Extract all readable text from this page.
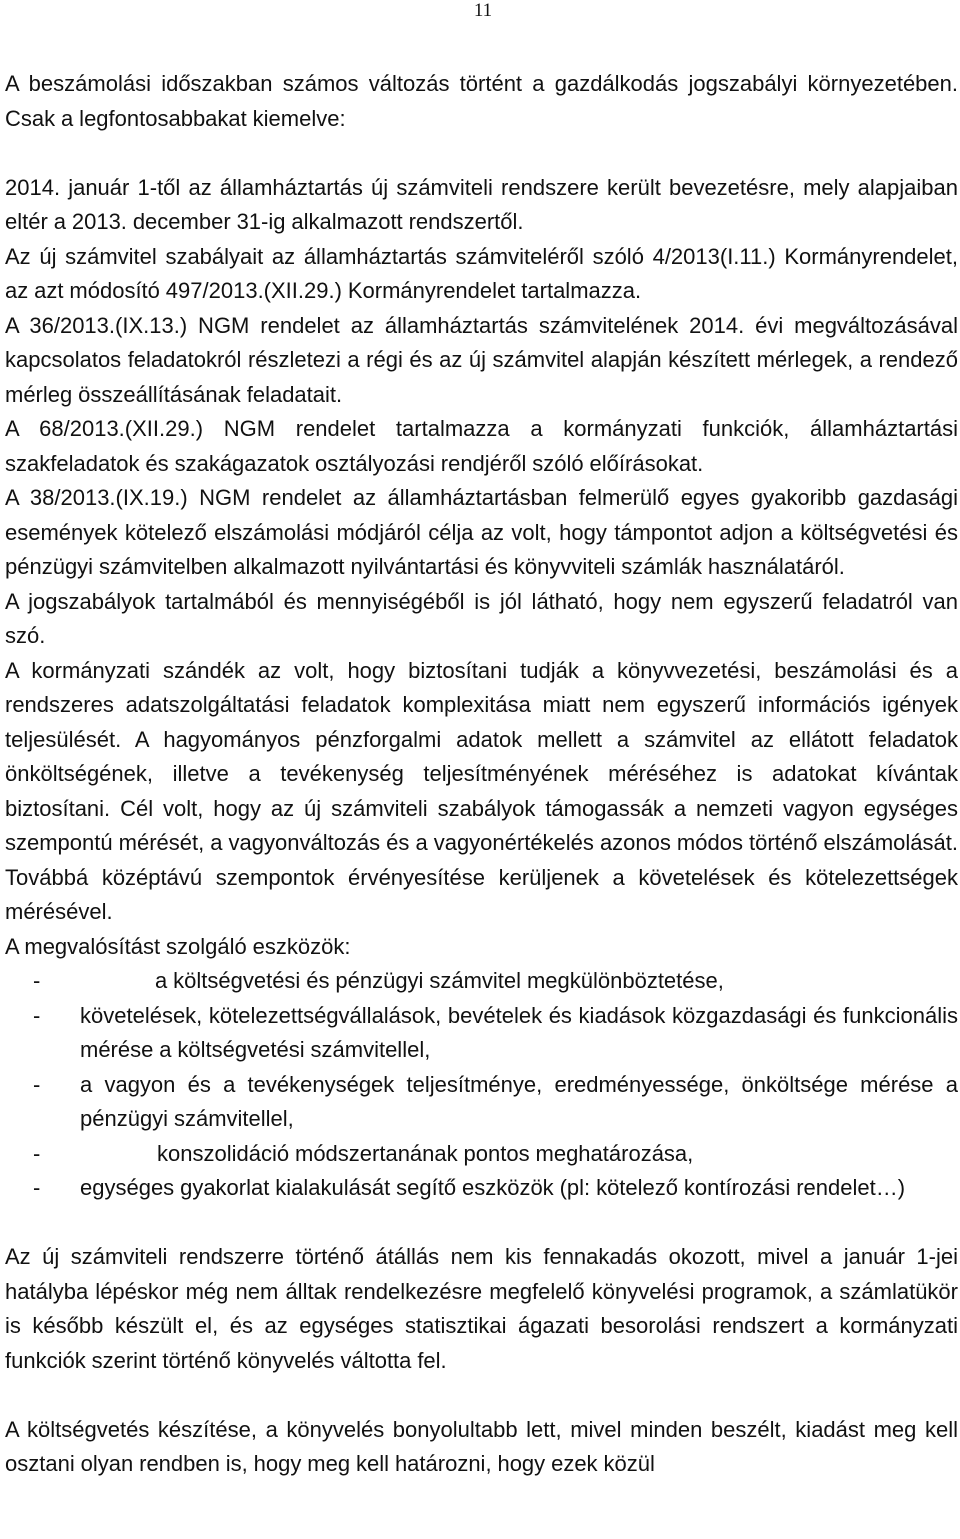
11

A beszámolási időszakban számos változás történt a gazdálkodás jogszabályi környezetében. Csak a legfontosabbakat kiemelve:

2014. január 1-től az államháztartás új számviteli rendszere került bevezetésre, mely alapjaiban eltér a 2013. december 31-ig alkalmazott rendszertől.

Az új számvitel szabályait az államháztartás számviteléről szóló 4/2013(I.11.) Kormányrendelet, az azt módosító 497/2013.(XII.29.) Kormányrendelet tartalmazza.

A 36/2013.(IX.13.) NGM rendelet az államháztartás számvitelének 2014. évi megváltozásával kapcsolatos feladatokról részletezi a régi és az új számvitel alapján készített mérlegek, a rendező mérleg összeállításának feladatait.

A 68/2013.(XII.29.) NGM rendelet tartalmazza a kormányzati funkciók, államháztartási szakfeladatok és szakágazatok osztályozási rendjéről szóló előírásokat.

A 38/2013.(IX.19.) NGM rendelet az államháztartásban felmerülő egyes gyakoribb gazdasági események kötelező elszámolási módjáról célja az volt, hogy támpontot adjon a költségvetési és pénzügyi számvitelben alkalmazott nyilvántartási és könyvviteli számlák használatáról.

A jogszabályok tartalmából és mennyiségéből is jól látható, hogy nem egyszerű feladatról van szó.

A kormányzati szándék az volt, hogy biztosítani tudják a könyvvezetési, beszámolási és a rendszeres adatszolgáltatási feladatok komplexitása miatt nem egyszerű információs igények teljesülését. A hagyományos pénzforgalmi adatok mellett a számvitel az ellátott feladatok önköltségének, illetve a tevékenység teljesítményének méréséhez is adatokat kívántak biztosítani. Cél volt, hogy az új számviteli szabályok támogassák a nemzeti vagyon egységes szempontú mérését, a vagyonváltozás és a vagyonértékelés azonos módos történő elszámolását. Továbbá középtávú szempontok érvényesítése kerüljenek a követelések és kötelezettségek mérésével.

A megvalósítást szolgáló eszközök:

-	a költségvetési és pénzügyi számvitel megkülönböztetése,
- követelések, kötelezettségvállalások, bevételek és kiadások közgazdasági és funkcionális mérése a költségvetési számvitellel,
- a vagyon és a tevékenységek teljesítménye, eredményessége, önköltsége mérése a pénzügyi számvitellel,
-	konszolidáció módszertanának pontos meghatározása,
- egységes gyakorlat kialakulását segítő eszközök (pl: kötelező kontírozási rendelet…)

Az új számviteli rendszerre történő átállás nem kis fennakadás okozott, mivel a január 1-jei hatályba lépéskor még nem álltak rendelkezésre megfelelő könyvelési programok, a számlatükör is később készült el, és az egységes statisztikai ágazati besorolási rendszert a kormányzati funkciók szerint történő könyvelés váltotta fel.

A költségvetés készítése, a könyvelés bonyolultabb lett, mivel minden beszélt, kiadást meg kell osztani olyan rendben is, hogy meg kell határozni, hogy ezek közül
